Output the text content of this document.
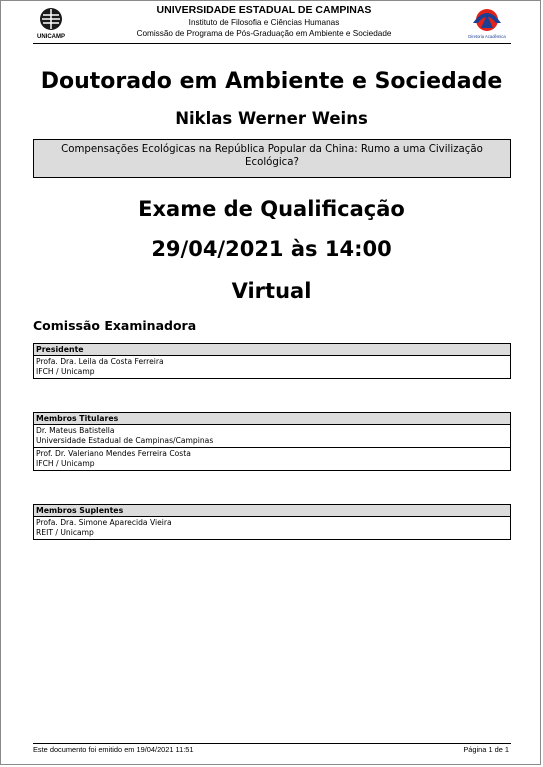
UNICAMP
UNIVERSIDADE ESTADUAL DE CAMPINAS
Instituto de Filosofia e Ciências Humanas
Comissão de Programa de Pós-Graduação em Ambiente e Sociedade	Diretoria Acadêmica
Doutorado em Ambiente e Sociedade
Niklas Werner Weins
Compensações Ecológicas na República Popular da China: Rumo a uma Civilização Ecológica?
Exame de Qualificação
29/04/2021 às 14:00
Virtual
Comissão Examinadora
Presidente
Profa. Dra. Leila da Costa Ferreira
IFCH / Unicamp
Membros Titulares
Dr. Mateus Batistella
Universidade Estadual de Campinas/Campinas
Prof. Dr. Valeriano Mendes Ferreira Costa
IFCH / Unicamp
Membros Suplentes
Profa. Dra. Simone Aparecida Vieira
REIT / Unicamp
Este documento foi emitido em 19/04/2021 11:51	Página 1 de 1
